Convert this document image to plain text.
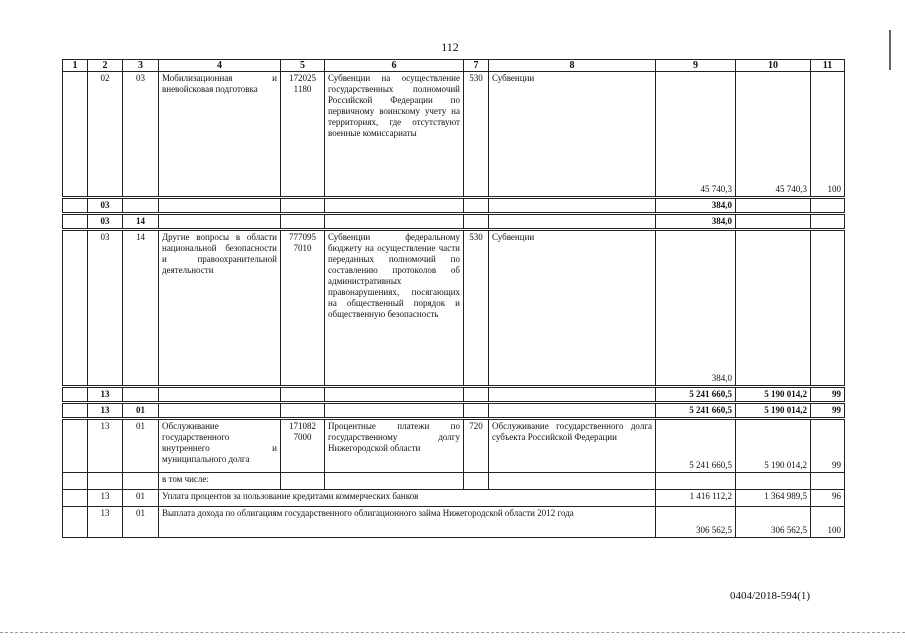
112
1	2	3	4	5	6	7	8	9	10	11
	02	03	Мобилизационная и вневойсковая подготовка	172025 1180	Субвенции на осуществление государственных полномочий Российской Федерации по первичному воинскому учету на территориях, где отсутствуют военные комиссариаты	530	Субвенции	45 740,3	45 740,3	100
	03							384,0		
	03	14						384,0		
	03	14	Другие вопросы в области национальной безопасности и правоохранительной деятельности	777095 7010	Субвенции федеральному бюджету на осуществление части переданных полномочий по составлению протоколов об административных правонарушениях, посягающих на общественный порядок и общественную безопасность	530	Субвенции	384,0		
	13							5 241 660,5	5 190 014,2	99
	13	01						5 241 660,5	5 190 014,2	99
	13	01	Обслуживание государственного внутреннего и муниципального долга	171082 7000	Процентные платежи по государственному долгу Нижегородской области	720	Обслуживание государственного долга субъекта Российской Федерации	5 241 660,5	5 190 014,2	99
			в том числе:							
	13	01	Уплата процентов за пользование кредитами коммерческих банков					1 416 112,2	1 364 989,5	96
	13	01	Выплата дохода по облигациям государственного облигационного займа Нижегородской области 2012 года					306 562,5	306 562,5	100
0404/2018-594(1)
